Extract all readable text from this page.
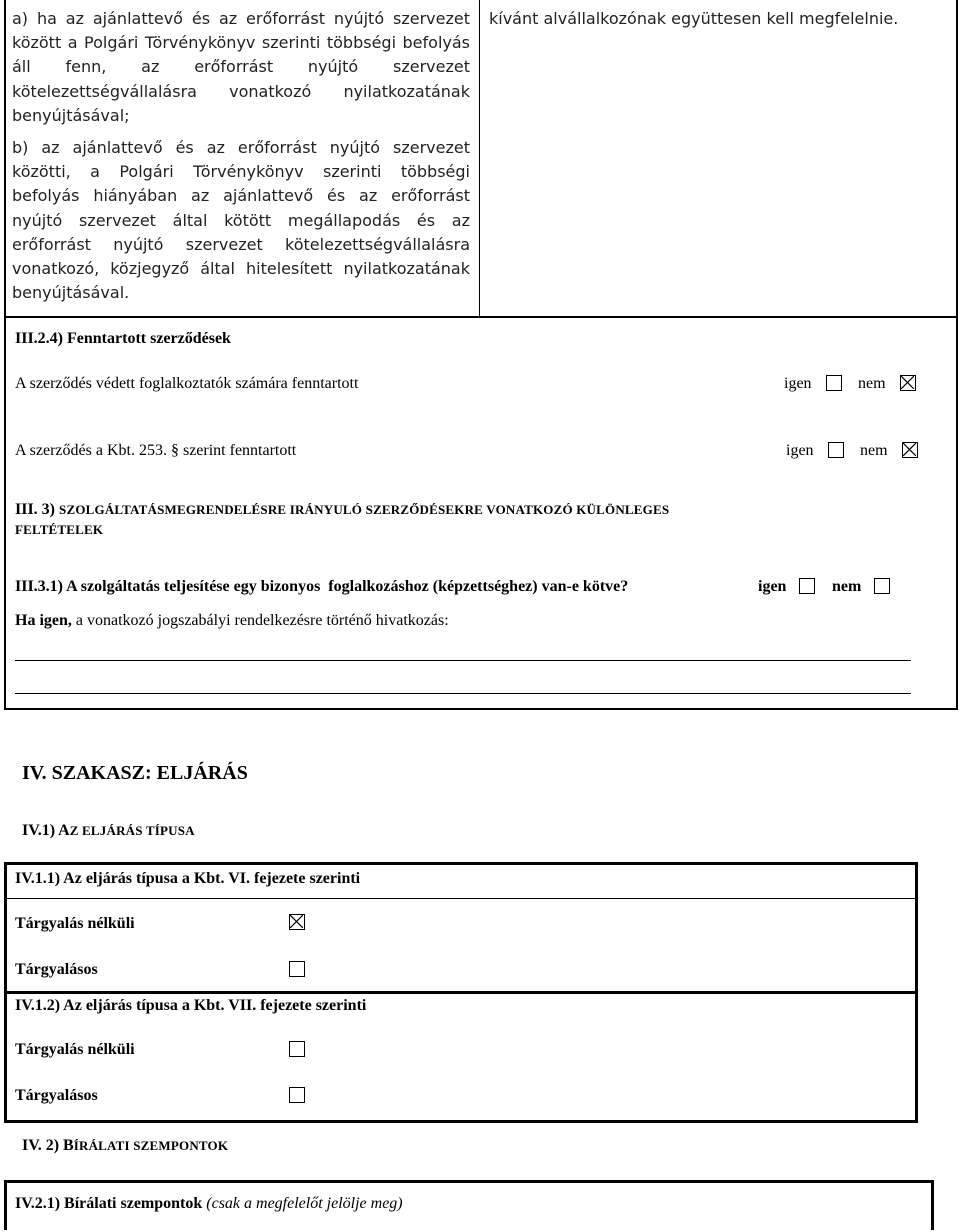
a) ha az ajánlattevő és az erőforrást nyújtó szervezet között a Polgári Törvénykönyv szerinti többségi befolyás áll fenn, az erőforrást nyújtó szervezet kötelezettségvállalásra vonatkozó nyilatkozatának benyújtásával;
b) az ajánlattevő és az erőforrást nyújtó szervezet közötti, a Polgári Törvénykönyv szerinti többségi befolyás hiányában az ajánlattevő és az erőforrást nyújtó szervezet által kötött megállapodás és az erőforrást nyújtó szervezet kötelezettségvállalásra vonatkozó, közjegyző által hitelesített nyilatkozatának benyújtásával.
kívánt alvállalkozónak együttesen kell megfelelnie.
III.2.4) Fenntartott szerződések
A szerződés védett foglalkoztatók számára fenntartott	igen	nem
A szerződés a Kbt. 253. § szerint fenntartott	igen	nem
III. 3) SZOLGÁLTATÁSMEGRENDELÉSRE IRÁNYULÓ SZERZŐDÉSEKRE VONATKOZÓ KÜLÖNLEGES
FELTÉTELEK
III.3.1) A szolgáltatás teljesítése egy bizonyos  foglalkozáshoz (képzettséghez) van-e kötve?	igen	nem
Ha igen, a vonatkozó jogszabályi rendelkezésre történő hivatkozás:
IV. SZAKASZ: ELJÁRÁS
IV.1) AZ ELJÁRÁS TÍPUSA
IV.1.1) Az eljárás típusa a Kbt. VI. fejezete szerinti
Tárgyalás nélküli
Tárgyalásos
IV.1.2) Az eljárás típusa a Kbt. VII. fejezete szerinti
Tárgyalás nélküli
Tárgyalásos
IV. 2) BÍRÁLATI SZEMPONTOK
IV.2.1) Bírálati szempontok (csak a megfelelőt jelölje meg)
